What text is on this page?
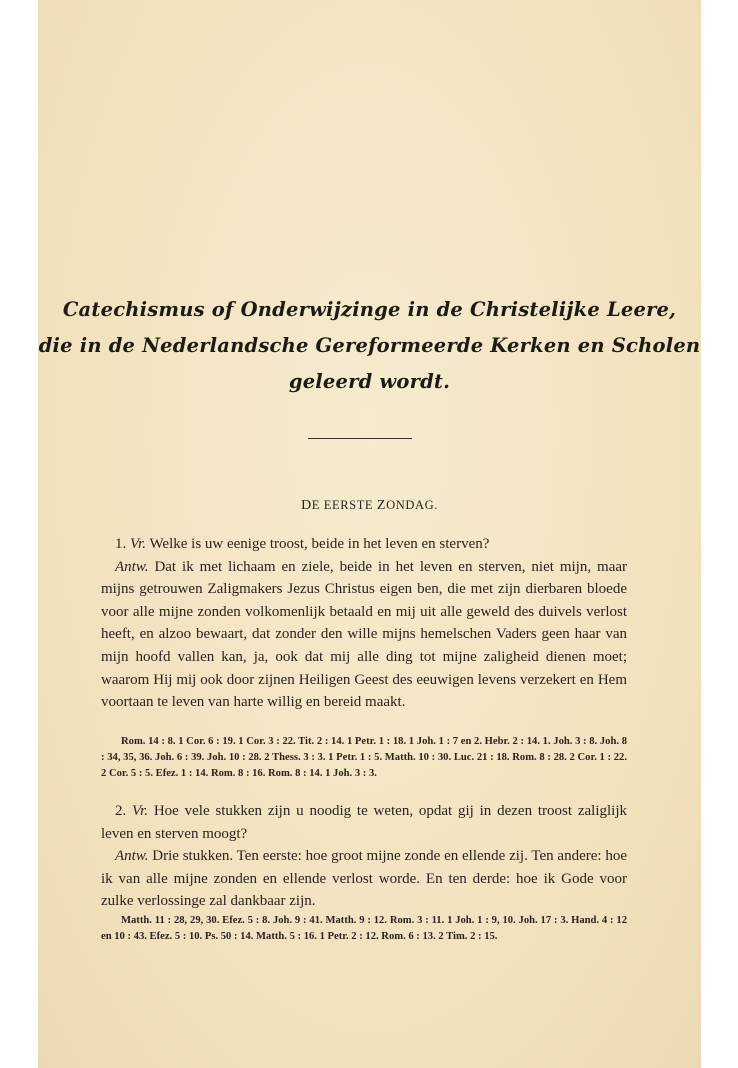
Catechismus of Onderwijzinge in de Christelijke Leere,
die in de Nederlandsche Gereformeerde Kerken en Scholen
geleerd wordt.
DE EERSTE ZONDAG.

1. Vr. Welke is uw eenige troost, beide in het leven en sterven?

Antw. Dat ik met lichaam en ziele, beide in het leven en sterven, niet mijn, maar mijns getrouwen Zaligmakers Jezus Christus eigen ben, die met zijn dierbaren bloede voor alle mijne zonden volkomenlijk betaald en mij uit alle geweld des duivels verlost heeft, en alzoo bewaart, dat zonder den wille mijns hemelschen Vaders geen haar van mijn hoofd vallen kan, ja, ook dat mij alle ding tot mijne zaligheid dienen moet; waarom Hij mij ook door zijnen Heiligen Geest des eeuwigen levens verzekert en Hem voortaan te leven van harte willig en bereid maakt.

Rom. 14 : 8. 1 Cor. 6 : 19. 1 Cor. 3 : 22. Tit. 2 : 14. 1 Petr. 1 : 18. 1 Joh. 1 : 7 en 2. Hebr. 2 : 14. 1. Joh. 3 : 8. Joh. 8 : 34, 35, 36. Joh. 6 : 39. Joh. 10 : 28. 2 Thess. 3 : 3. 1 Petr. 1 : 5. Matth. 10 : 30. Luc. 21 : 18. Rom. 8 : 28. 2 Cor. 1 : 22. 2 Cor. 5 : 5. Efez. 1 : 14. Rom. 8 : 16. Rom. 8 : 14. 1 Joh. 3 : 3.

2. Vr. Hoe vele stukken zijn u noodig te weten, opdat gij in dezen troost zaliglijk leven en sterven moogt?

Antw. Drie stukken. Ten eerste: hoe groot mijne zonde en ellende zij. Ten andere: hoe ik van alle mijne zonden en ellende verlost worde. En ten derde: hoe ik Gode voor zulke verlossinge zal dankbaar zijn.

Matth. 11 : 28, 29, 30. Efez. 5 : 8. Joh. 9 : 41. Matth. 9 : 12. Rom. 3 : 11. 1 Joh. 1 : 9, 10. Joh. 17 : 3. Hand. 4 : 12 en 10 : 43. Efez. 5 : 10. Ps. 50 : 14. Matth. 5 : 16. 1 Petr. 2 : 12. Rom. 6 : 13. 2 Tim. 2 : 15.
